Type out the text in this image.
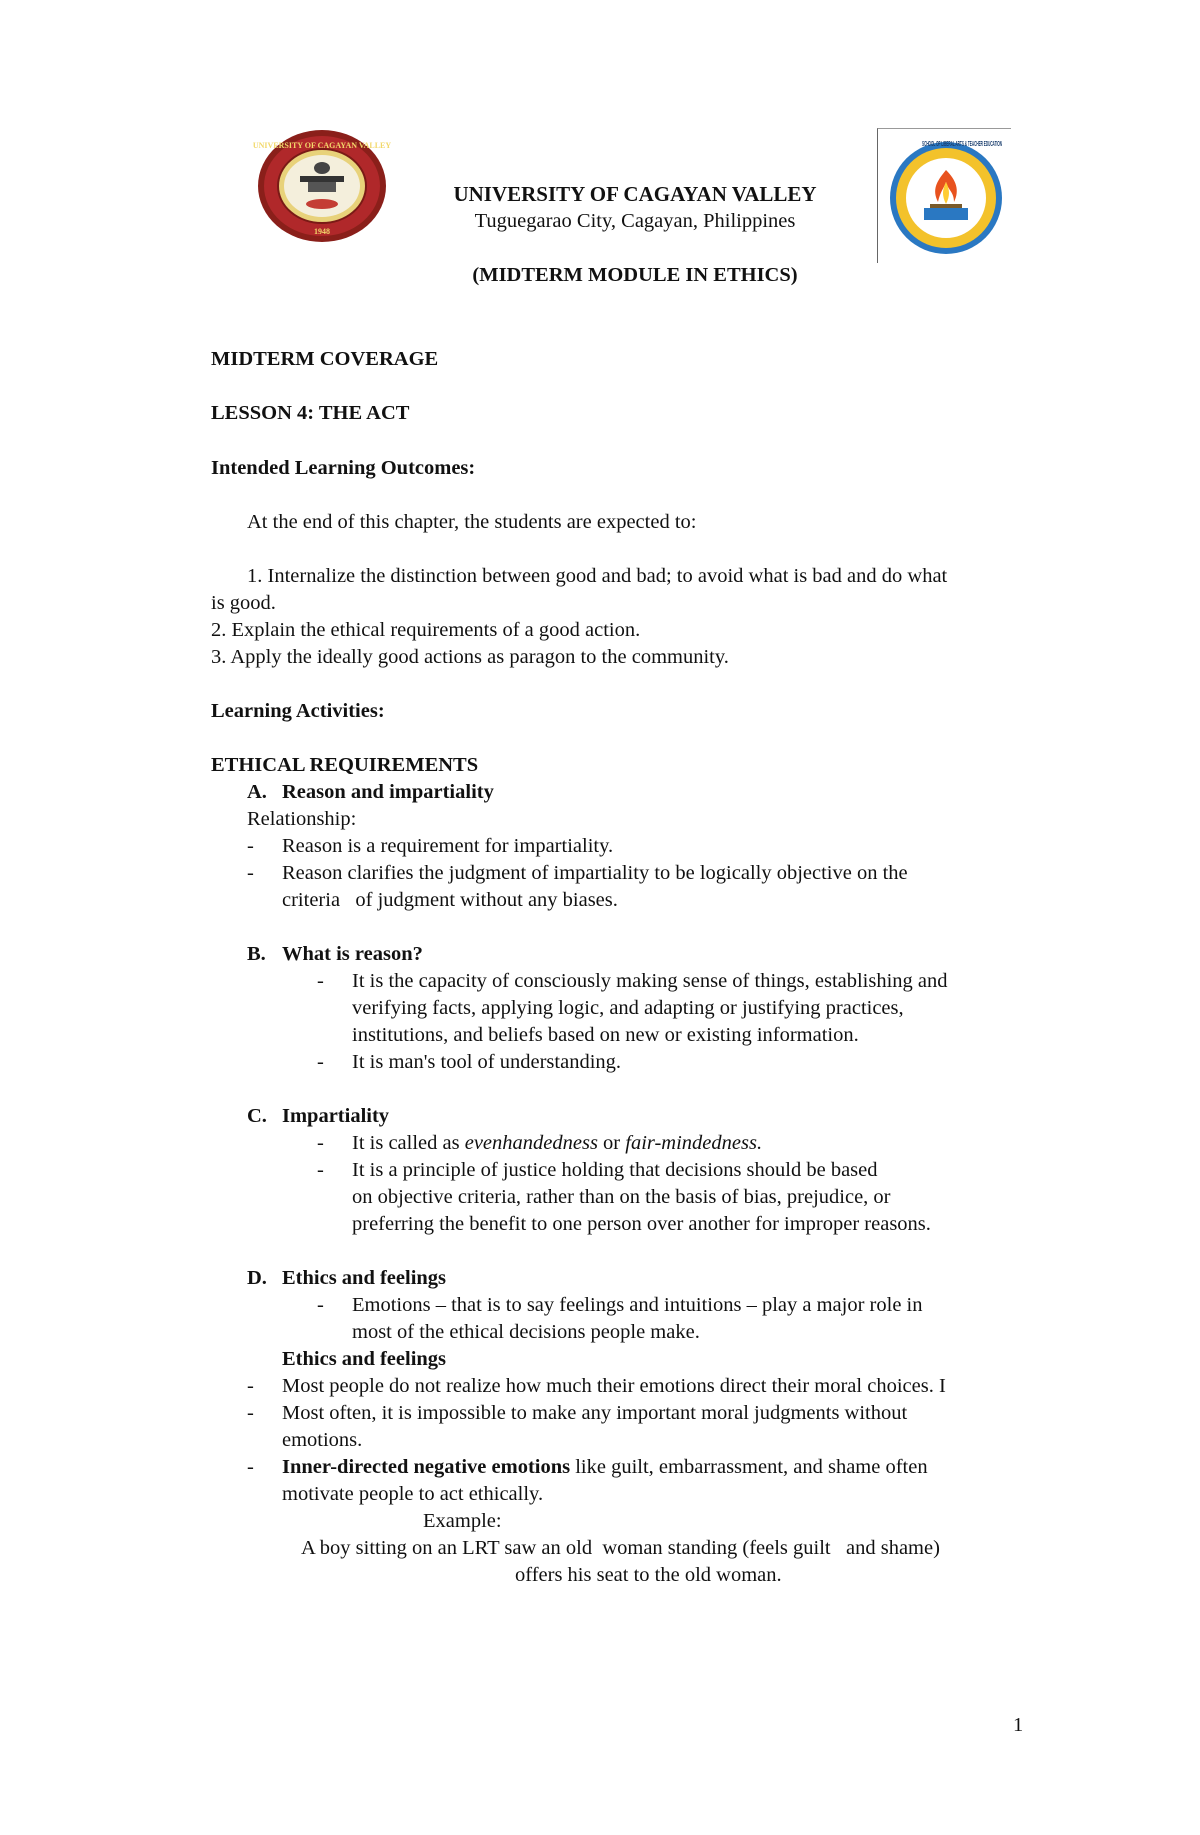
UNIVERSITY OF CAGAYAN VALLEY
1948
UNIVERSITY OF CAGAYAN VALLEY
Tuguegarao City, Cagayan, Philippines
(MIDTERM MODULE IN ETHICS)
SCHOOL OF LIBERAL ARTS & TEACHER EDUCATION
MIDTERM COVERAGE
LESSON 4: THE ACT
Intended Learning Outcomes:
At the end of this chapter, the students are expected to:
1. Internalize the distinction between good and bad; to avoid what is bad and do what
is good.
2. Explain the ethical requirements of a good action.
3. Apply the ideally good actions as paragon to the community.
Learning Activities:
ETHICAL REQUIREMENTS
A. Reason and impartiality
Relationship:
- Reason is a requirement for impartiality.
- Reason clarifies the judgment of impartiality to be logically objective on the
criteria   of judgment without any biases.
B. What is reason?
- It is the capacity of consciously making sense of things, establishing and
verifying facts, applying logic, and adapting or justifying practices,
institutions, and beliefs based on new or existing information.
- It is man's tool of understanding.
C. Impartiality
- It is called as evenhandedness or fair-mindedness.
- It is a principle of justice holding that decisions should be based
on objective criteria, rather than on the basis of bias, prejudice, or
preferring the benefit to one person over another for improper reasons.
D. Ethics and feelings
- Emotions – that is to say feelings and intuitions – play a major role in
most of the ethical decisions people make.
Ethics and feelings
- Most people do not realize how much their emotions direct their moral choices. I
- Most often, it is impossible to make any important moral judgments without
emotions.
- Inner-directed negative emotions like guilt, embarrassment, and shame often
motivate people to act ethically.
Example:
A boy sitting on an LRT saw an old  woman standing (feels guilt   and shame)
offers his seat to the old woman.
1
